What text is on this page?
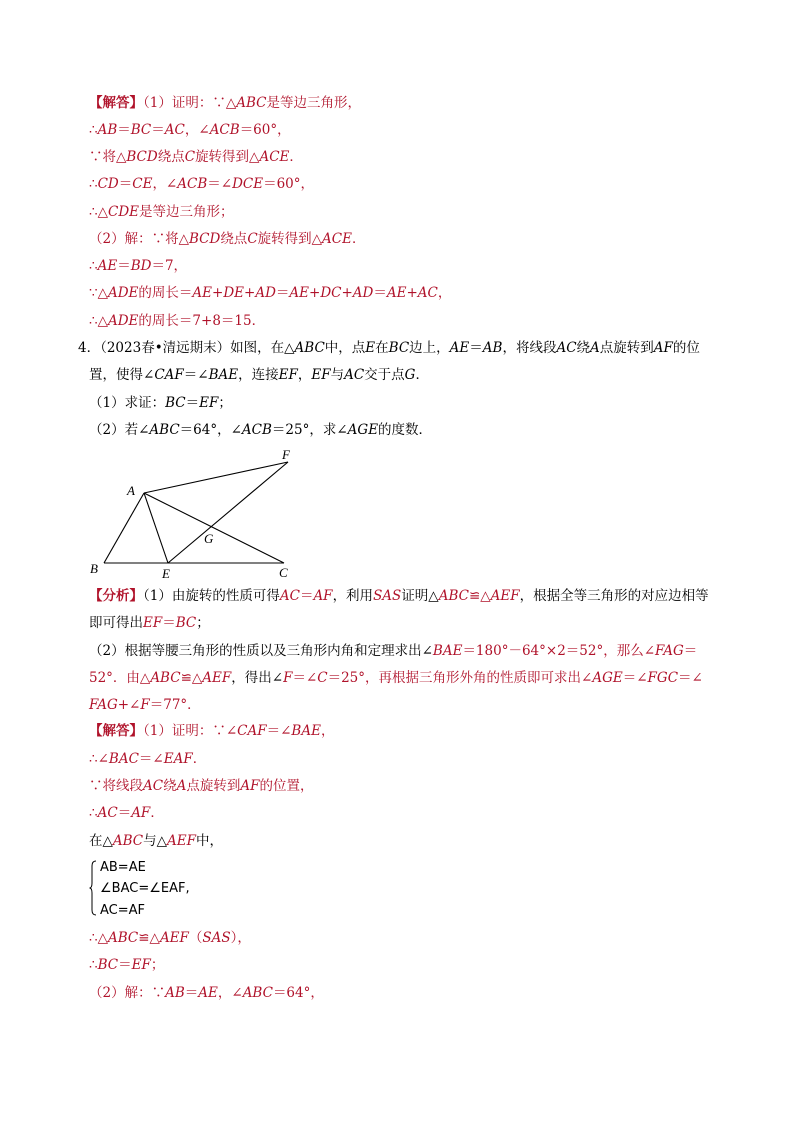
【解答】（1）证明：∵△ABC是等边三角形，
∴AB＝BC＝AC，∠ACB＝60°，
∵将△BCD绕点C旋转得到△ACE．
∴CD＝CE，∠ACB＝∠DCE＝60°，
∴△CDE是等边三角形；
（2）解：∵将△BCD绕点C旋转得到△ACE．
∴AE＝BD＝7，
∵△ADE的周长＝AE+DE+AD＝AE+DC+AD＝AE+AC，
∴△ADE的周长＝7+8＝15．
4．（2023春•清远期末）如图，在△ABC中，点E在BC边上，AE＝AB，将线段AC绕A点旋转到AF的位
置，使得∠CAF＝∠BAE，连接EF，EF与AC交于点G．
（1）求证：BC＝EF；
（2）若∠ABC＝64°，∠ACB＝25°，求∠AGE的度数．
A
B	C
E
F
G
【分析】（1）由旋转的性质可得AC＝AF，利用SAS证明△ABC≌△AEF，根据全等三角形的对应边相等
即可得出EF＝BC；
（2）根据等腰三角形的性质以及三角形内角和定理求出∠BAE＝180°－64°×2＝52°，那么∠FAG＝
52°．由△ABC≌△AEF，得出∠F＝∠C＝25°，再根据三角形外角的性质即可求出∠AGE＝∠FGC＝∠
FAG+∠F＝77°．
【解答】（1）证明：∵∠CAF＝∠BAE，
∴∠BAC＝∠EAF．
∵将线段AC绕A点旋转到AF的位置，
∴AC＝AF．
在△ABC与△AEF中，
AB=AE
∠BAC=∠EAF,
AC=AF
∴△ABC≌△AEF（SAS），
∴BC＝EF；
（2）解：∵AB＝AE，∠ABC＝64°，
